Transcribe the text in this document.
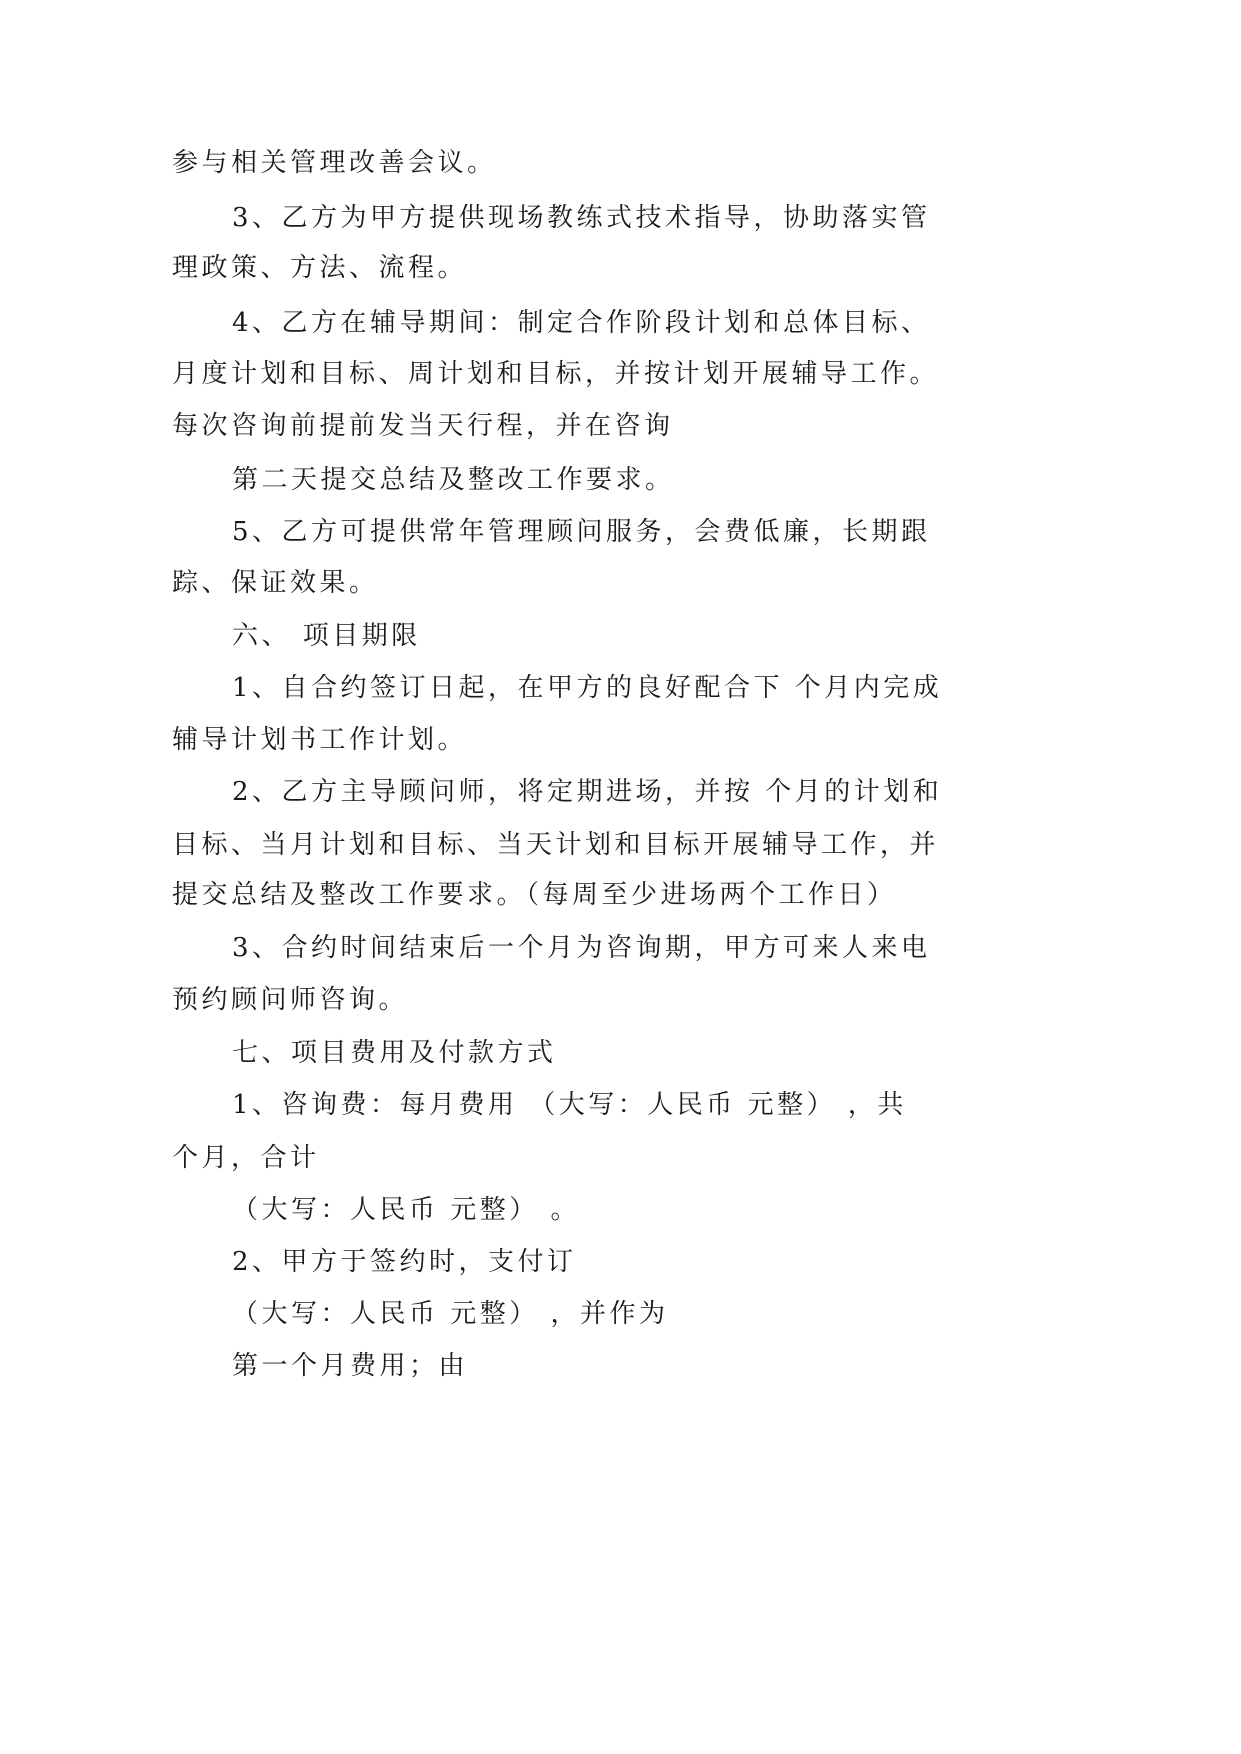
参与相关管理改善会议。
3、乙方为甲方提供现场教练式技术指导，协助落实管
理政策、方法、流程。
4、乙方在辅导期间：制定合作阶段计划和总体目标、
月度计划和目标、周计划和目标，并按计划开展辅导工作。
每次咨询前提前发当天行程，并在咨询
第二天提交总结及整改工作要求。
5、乙方可提供常年管理顾问服务，会费低廉，长期跟
踪、保证效果。
六、 项目期限
1、自合约签订日起，在甲方的良好配合下 个月内完成
辅导计划书工作计划。
2、乙方主导顾问师，将定期进场，并按 个月的计划和
目标、当月计划和目标、当天计划和目标开展辅导工作，并
提交总结及整改工作要求。（每周至少进场两个工作日）
3、合约时间结束后一个月为咨询期，甲方可来人来电
预约顾问师咨询。
七、项目费用及付款方式
1、咨询费：每月费用 （大写：人民币 元整） ，共
个月，合计
（大写：人民币 元整） 。
2、甲方于签约时，支付订
（大写：人民币 元整） ，并作为
第一个月费用；由
